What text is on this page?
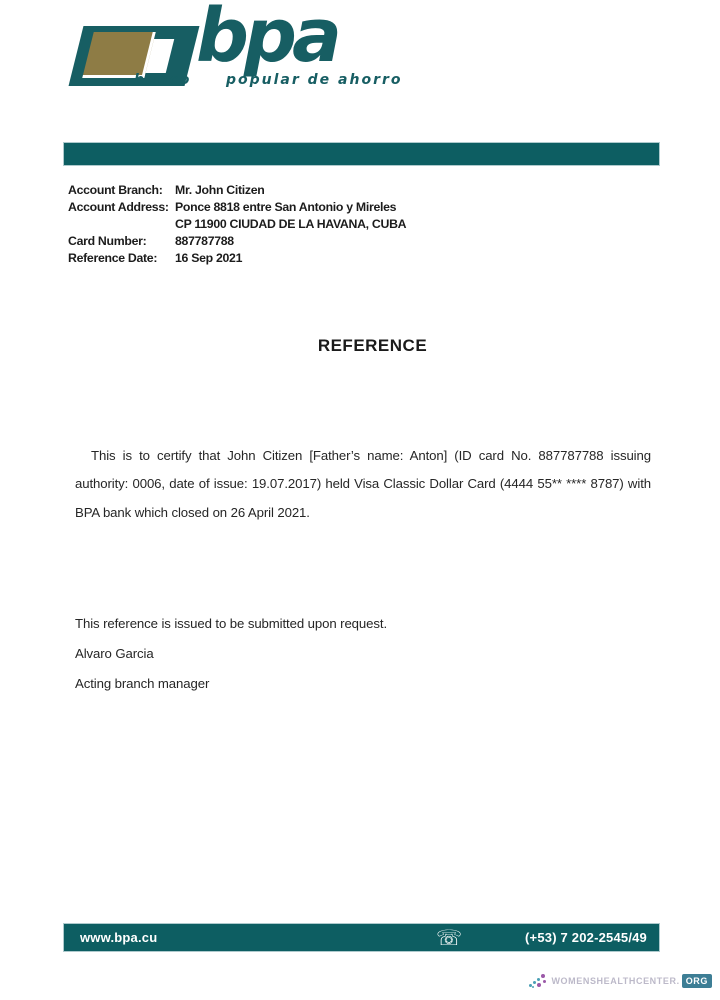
bpa
banco popular de ahorro
Account Branch:	Mr. John Citizen
Account Address: Ponce 8818 entre San Antonio y Mireles
CP 11900 CIUDAD DE LA HAVANA, CUBA
Card Number:	887787788
Reference Date:	16 Sep 2021
REFERENCE

This is to certify that John Citizen [Father’s name: Anton] (ID card No. 887787788 issuing authority: 0006, date of issue: 19.07.2017) held Visa Classic Dollar Card (4444 55** **** 8787) with BPA bank which closed on 26 April 2021.

This reference is issued to be submitted upon request.

Alvaro Garcia

Acting branch manager

www.bpa.cu	☏	(+53) 7 202-2545/49
WOMENSHEALTHCENTER. ORG
